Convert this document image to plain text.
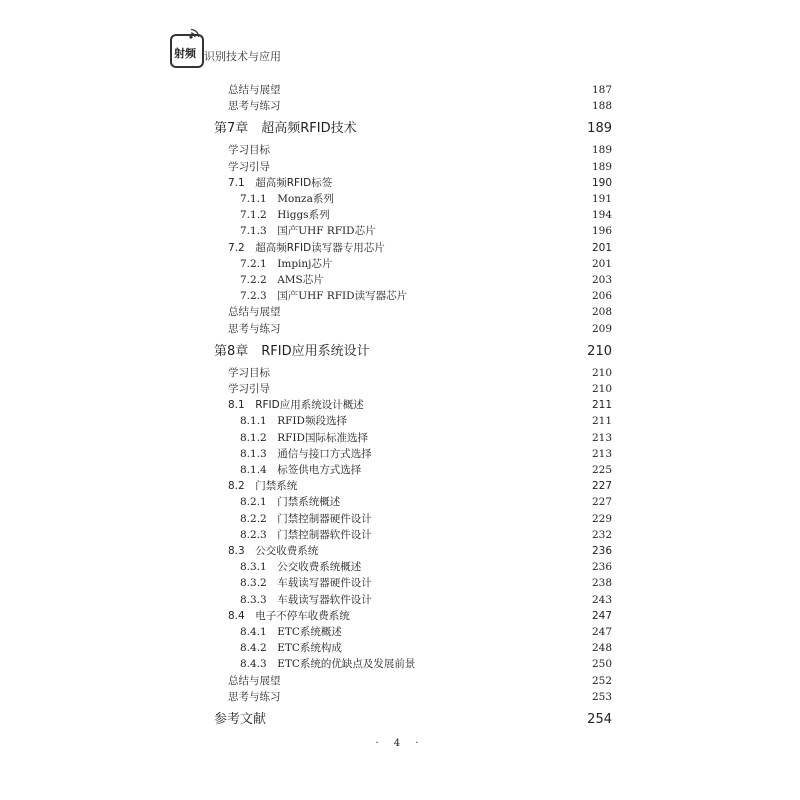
射频 识别技术与应用
总结与展望	187
思考与练习	188
第7章　超高频RFID技术	189
学习目标	189
学习引导	189
7.1　超高频RFID标签	190
7.1.1　Monza系列	191
7.1.2　Higgs系列	194
7.1.3　国产UHF RFID芯片	196
7.2　超高频RFID读写器专用芯片	201
7.2.1　Impinj芯片	201
7.2.2　AMS芯片	203
7.2.3　国产UHF RFID读写器芯片	206
总结与展望	208
思考与练习	209
第8章　RFID应用系统设计	210
学习目标	210
学习引导	210
8.1　RFID应用系统设计概述	211
8.1.1　RFID频段选择	211
8.1.2　RFID国际标准选择	213
8.1.3　通信与接口方式选择	213
8.1.4　标签供电方式选择	225
8.2　门禁系统	227
8.2.1　门禁系统概述	227
8.2.2　门禁控制器硬件设计	229
8.2.3　门禁控制器软件设计	232
8.3　公交收费系统	236
8.3.1　公交收费系统概述	236
8.3.2　车载读写器硬件设计	238
8.3.3　车载读写器软件设计	243
8.4　电子不停车收费系统	247
8.4.1　ETC系统概述	247
8.4.2　ETC系统构成	248
8.4.3　ETC系统的优缺点及发展前景	250
总结与展望	252
思考与练习	253
参考文献	254
· 4 ·
